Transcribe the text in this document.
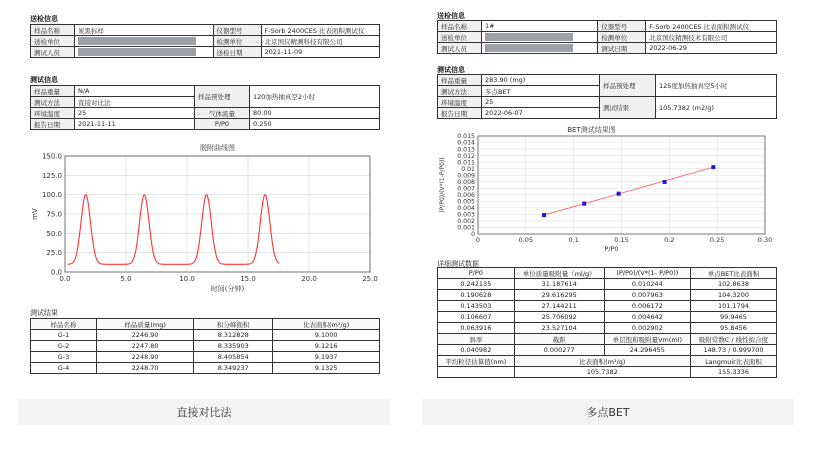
送检信息
样品名称	炭黑标样	仪器型号	F-Sorb 2400CES 比表面积测试仪
送检单位		检测单位	北京国仪精测科技有限公司
测试人员		送检日期	2021-11-09
测试信息
样品重量	N/A	样品预处理	120加热抽真空2小时
测试方法	直接对比法		
环境温度	25	气体流量	80.00
报告日期	2021-11-11	P/P0	0.250
脱附曲线图
0.0
25.0
50.0
75.0
100.0
125.0
150.0
0.0	5.0	10.0	15.0	20.0	25.0
mV
时间(分钟)
测试结果
样品名称	样品质量(mg)	积分峰面积	比表面积(m²/g)
G-1	2246.90	8.312828	9.1000
G-2	2247.80	8.335903	9.1216
G-3	2248.90	8.405854	9.1937
G-4	2248.70	8.349237	9.1325
直接对比法
送检信息
样品名称	1#	仪器型号	F-Sorb 2400CES 比表面积测试仪
送检单位		检测单位	北京国仪精测技术有限公司
测试人员		测试日期	2022-06-29
测试信息
样品重量	283.90 (mg)	样品预处理	125度加热抽真空5小时
测试方法	多点BET		
环境温度	25	测试结果	105.7382 (m2/g)
报告日期	2022-06-07		
BET测试结果图
0
0.001
0.002
0.003
0.004
0.005
0.006
0.007
0.008
0.009
0.01
0.011
0.012
0.013
0.014
0.015
0	0.05	0.1	0.15	0.2	0.25	0.30
(P/P0)/(V*(1-P/P0))
P/P0
详细测试数据
P/P0	单位质量吸附量（ml/g）	(P/P0)/(V*(1- P/P0))	单点BET比表面积
0.242135	31.187614	0.010244	102.8638
0.190628	29.616295	0.007963	104.3200
0.143503	27.144211	0.006172	101.1794
0.106607	25.706092	0.004642	99.9465
0.063916	23.527104	0.002902	95.8456
斜率	截距	单层饱和吸附量Vm(ml)	吸附常数C / 线性拟合度
0.040982	0.000277	24.296455	148.73 / 0.999700
平均粒径估算值(nm)	比表面积(m²/g)		Langmuir比表面积
	105.7382		155.3336
多点BET
